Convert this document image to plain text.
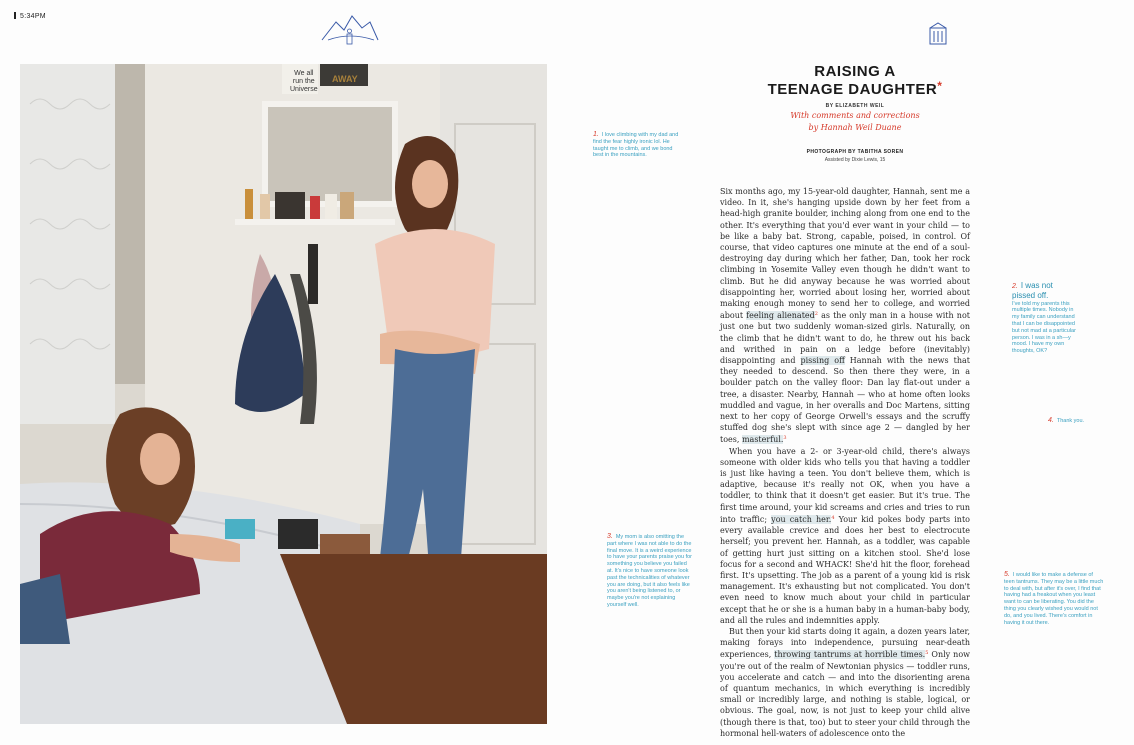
5:34PM
We all
run the
Universe
AWAY	RAISING A
TEENAGE DAUGHTER*
BY ELIZABETH WEIL
With comments and corrections
by Hannah Weil Duane
PHOTOGRAPH BY TABITHA SOREN
Assisted by Dixie Lewis, 15

Six months ago, my 15-year-old daughter, Hannah, sent me a video. In it, she's hanging upside down by her feet from a head-high granite boulder, inching along from one end to the other. It's everything that you'd ever want in your child — to be like a baby bat. Strong, capable, poised, in control. Of course, that video captures one minute at the end of a soul-destroying day during which her father, Dan, took her rock climbing in Yosemite Valley even though he didn't want to climb. But he did anyway because he was worried about disappointing her, worried about losing her, worried about making enough money to send her to college, and worried about feeling alienated$^2$ as the only man in a house with not just one but two suddenly woman-sized girls. Naturally, on the climb that he didn't want to do, he threw out his back and writhed in pain on a ledge before (inevitably) disappointing and pissing off Hannah with the news that they needed to descend. So then there they were, in a boulder patch on the valley floor: Dan lay flat-out under a tree, a disaster. Nearby, Hannah — who at home often looks muddled and vague, in her overalls and Doc Martens, sitting next to her copy of George Orwell's essays and the scruffy stuffed dog she's slept with since age 2 — dangled by her toes, masterful.$^3$

When you have a 2- or 3-year-old child, there's always someone with older kids who tells you that having a toddler is just like having a teen. You don't believe them, which is adaptive, because it's really not OK, when you have a toddler, to think that it doesn't get easier. But it's true. The first time around, your kid screams and cries and tries to run into traffic; you catch her.$^4$ Your kid pokes body parts into every available crevice and does her best to electrocute herself; you prevent her. Hannah, as a toddler, was capable of getting hurt just sitting on a kitchen stool. She'd lose focus for a second and WHACK! She'd hit the floor, forehead first. It's upsetting. The job as a parent of a young kid is risk management. It's exhausting but not complicated. You don't even need to know much about your child in particular except that he or she is a human baby in a human-baby body, and all the rules and indemnities apply.

But then your kid starts doing it again, a dozen years later, making forays into independence, pursuing near-death experiences, throwing tantrums at horrible times.$^5$ Only now you're out of the realm of Newtonian physics — toddler runs, you accelerate and catch — and into the disorienting arena of quantum mechanics, in which everything is incredibly small or incredibly large, and nothing is stable, logical, or obvious. The goal, now, is not just to keep your child alive (though there is that, too) but to steer your child through the hormonal hell-waters of adolescence onto the

1. I love climbing with my dad and find the fear highly ironic lol. He taught me to climb, and we bond best in the mountains.
2. I was not pissed off.
I've told my parents this multiple times. Nobody in my family can understand that I can be disappointed but not mad at a particular person. I was in a sh—y mood. I have my own thoughts, OK?
3. My mom is also omitting the part where I was not able to do the final move. It is a weird experience to have your parents praise you for something you believe you failed at. It's nice to have someone look past the technicalities of whatever you are doing, but it also feels like you aren't being listened to, or maybe you're not explaining yourself well.
4. Thank you.
5. I would like to make a defense of teen tantrums. They may be a little much to deal with, but after it's over, I find that having had a freakout when you least want to can be liberating. You did the thing you clearly wished you would not do, and you lived. There's comfort in having it out there.
